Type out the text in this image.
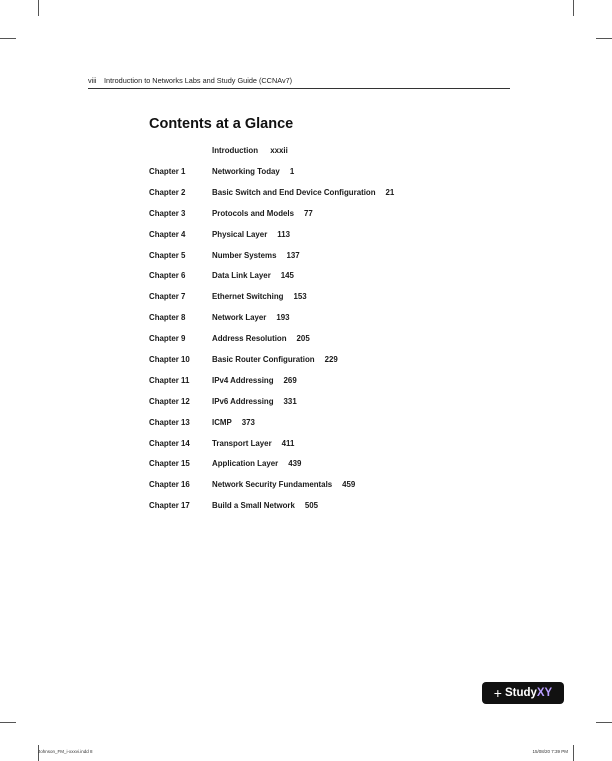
viii Introduction to Networks Labs and Study Guide (CCNAv7)
Contents at a Glance
Introduction xxxii
Chapter 1	Networking Today 1
Chapter 2	Basic Switch and End Device Configuration 21
Chapter 3	Protocols and Models 77
Chapter 4	Physical Layer 113
Chapter 5	Number Systems 137
Chapter 6	Data Link Layer 145
Chapter 7	Ethernet Switching 153
Chapter 8	Network Layer 193
Chapter 9	Address Resolution 205
Chapter 10	Basic Router Configuration 229
Chapter 11	IPv4 Addressing 269
Chapter 12	IPv6 Addressing 331
Chapter 13	ICMP 373
Chapter 14	Transport Layer 411
Chapter 15	Application Layer 439
Chapter 16	Network Security Fundamentals 459
Chapter 17	Build a Small Network 505
+ Study XY
Johnson_FM_i-xxxvi.indd 8	15/08/20 7:39 PM
